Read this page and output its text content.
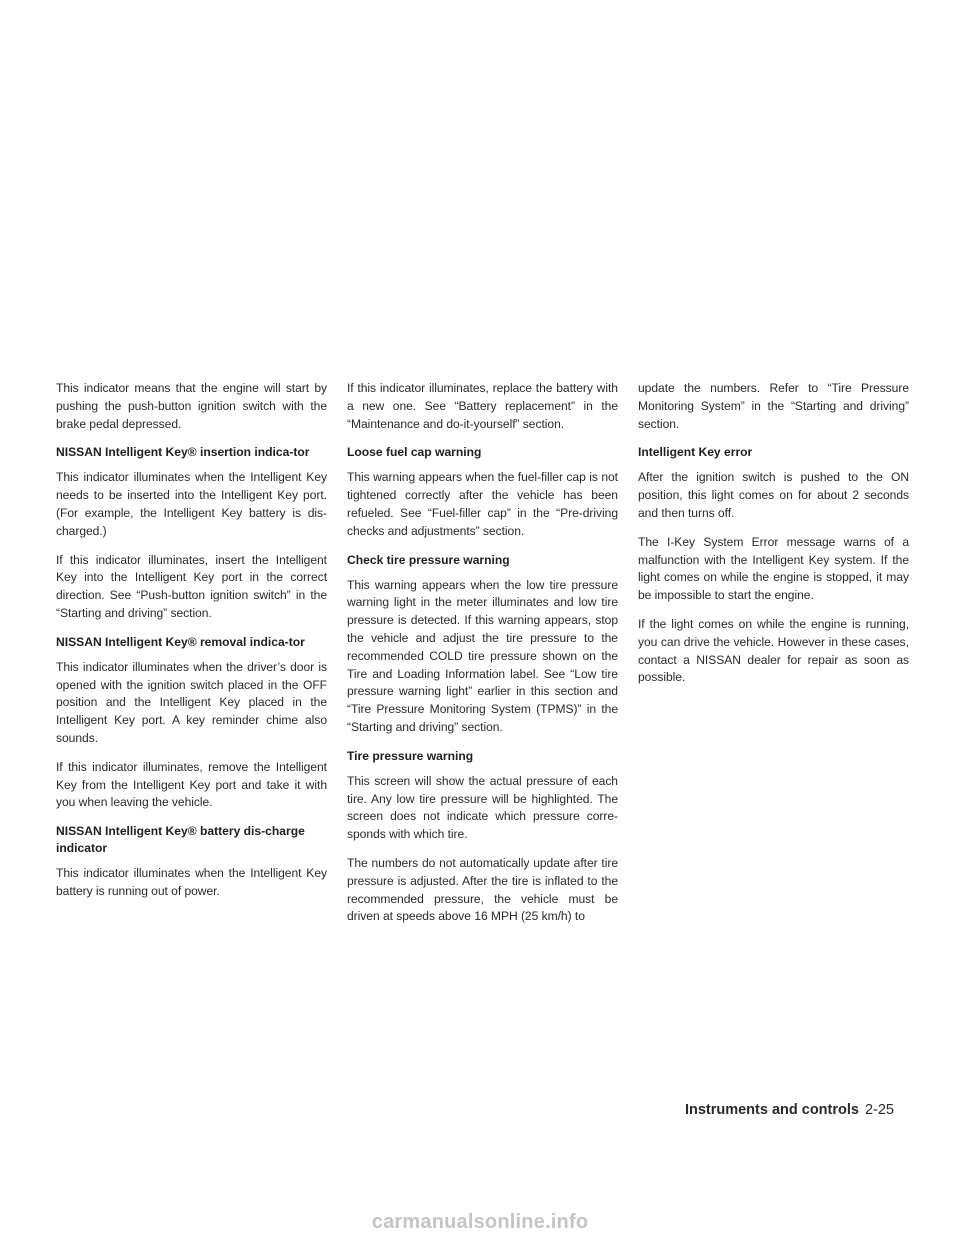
This indicator means that the engine will start by pushing the push-button ignition switch with the brake pedal depressed.

NISSAN Intelligent Key® insertion indica-tor

This indicator illuminates when the Intelligent Key needs to be inserted into the Intelligent Key port. (For example, the Intelligent Key battery is dis-charged.)

If this indicator illuminates, insert the Intelligent Key into the Intelligent Key port in the correct direction. See “Push-button ignition switch” in the “Starting and driving” section.

NISSAN Intelligent Key® removal indica-tor

This indicator illuminates when the driver’s door is opened with the ignition switch placed in the OFF position and the Intelligent Key placed in the Intelligent Key port. A key reminder chime also sounds.

If this indicator illuminates, remove the Intelligent Key from the Intelligent Key port and take it with you when leaving the vehicle.

NISSAN Intelligent Key® battery dis-charge indicator

This indicator illuminates when the Intelligent Key battery is running out of power.

If this indicator illuminates, replace the battery with a new one. See “Battery replacement” in the “Maintenance and do-it-yourself” section.

Loose fuel cap warning

This warning appears when the fuel-filler cap is not tightened correctly after the vehicle has been refueled. See “Fuel-filler cap” in the “Pre-driving checks and adjustments” section.

Check tire pressure warning

This warning appears when the low tire pressure warning light in the meter illuminates and low tire pressure is detected. If this warning appears, stop the vehicle and adjust the tire pressure to the recommended COLD tire pressure shown on the Tire and Loading Information label. See “Low tire pressure warning light” earlier in this section and “Tire Pressure Monitoring System (TPMS)” in the “Starting and driving” section.

Tire pressure warning

This screen will show the actual pressure of each tire. Any low tire pressure will be highlighted. The screen does not indicate which pressure corre-sponds with which tire.

The numbers do not automatically update after tire pressure is adjusted. After the tire is inflated to the recommended pressure, the vehicle must be driven at speeds above 16 MPH (25 km/h) to

update the numbers. Refer to “Tire Pressure Monitoring System” in the “Starting and driving” section.

Intelligent Key error

After the ignition switch is pushed to the ON position, this light comes on for about 2 seconds and then turns off.

The I-Key System Error message warns of a malfunction with the Intelligent Key system. If the light comes on while the engine is stopped, it may be impossible to start the engine.

If the light comes on while the engine is running, you can drive the vehicle. However in these cases, contact a NISSAN dealer for repair as soon as possible.

Instruments and controls 2-25
carmanualsonline.info
